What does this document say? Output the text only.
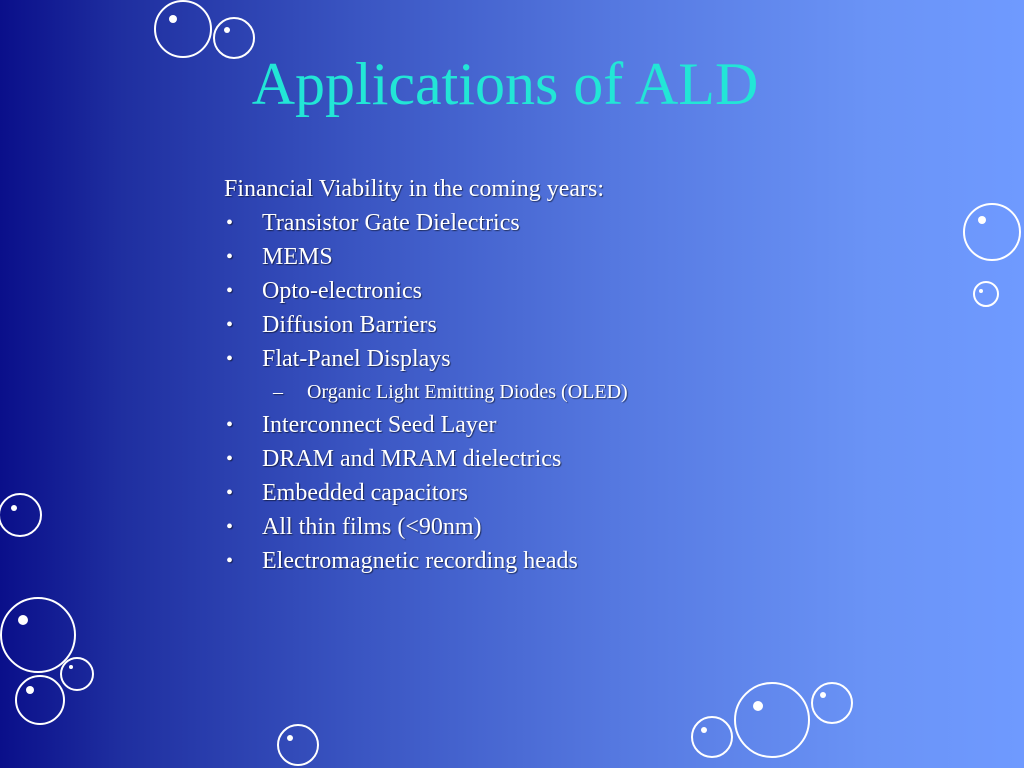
Applications of ALD
Financial Viability in the coming years:
• Transistor Gate Dielectrics
• MEMS
• Opto-electronics
• Diffusion Barriers
• Flat-Panel Displays
– Organic Light Emitting Diodes (OLED)
• Interconnect Seed Layer
• DRAM and MRAM dielectrics
• Embedded capacitors
• All thin films (<90nm)
• Electromagnetic recording heads
